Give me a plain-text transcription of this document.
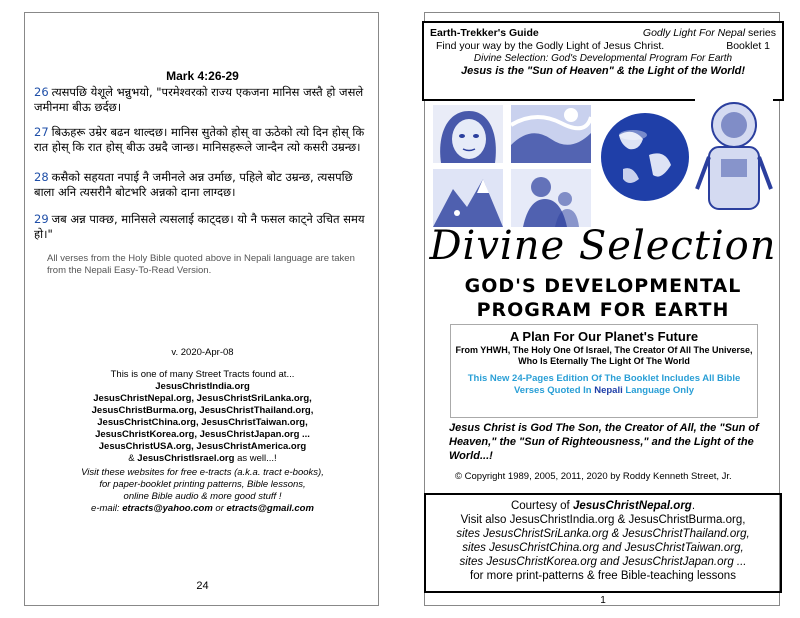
Mark 4:26-29
26 त्यसपछि येशूले भन्नुभयो, "परमेश्वरको राज्य एकजना मानिस जस्तै हो जसले जमीनमा बीऊ छर्दछ।
27 बिऊहरू उम्रेर बढन थाल्दछ। मानिस सुतेको होस् वा ऊठेको त्यो दिन होस् कि रात होस् कि रात होस् बीऊ उम्रदै जान्छ। मानिसहरूले जान्दैन त्यो कसरी उम्रन्छ।
28 कसैको सहयता नपाई नै जमीनले अन्न उर्माछ, पहिले बोट उम्रन्छ, त्यसपछि बाला अनि त्यसरीनै बोटभरि अन्नको दाना लाग्दछ।
29 जब अन्न पाक्छ, मानिसले त्यसलाई काट्दछ। यो नै फसल काट्ने उचित समय हो।"
All verses from the Holy Bible quoted above in Nepali language are taken from the Nepali Easy-To-Read Version.
v. 2020-Apr-08
This is one of many Street Tracts found at...
JesusChristIndia.org
JesusChristNepal.org, JesusChristSriLanka.org,
JesusChristBurma.org, JesusChristThailand.org,
JesusChristChina.org, JesusChristTaiwan.org,
JesusChristKorea.org, JesusChristJapan.org ...
JesusChristUSA.org, JesusChristAmerica.org
& JesusChristIsrael.org as well...!
Visit these websites for free e-tracts (a.k.a. tract e-books),
for paper-booklet printing patterns, Bible lessons,
online Bible audio & more good stuff !
e-mail: etracts@yahoo.com or etracts@gmail.com
24
Earth-Trekker's Guide	Godly Light For Nepal series
Find your way by the Godly Light of Jesus Christ.	Booklet 1
Divine Selection: God's Developmental Program For Earth
Jesus is the "Sun of Heaven" & the Light of the World!
Divine Selection
GOD'S DEVELOPMENTAL
PROGRAM FOR EARTH
A Plan For Our Planet's Future
From YHWH, The Holy One Of Israel, The Creator Of All The Universe, Who Is Eternally The Light Of The World
This New 24-Pages Edition Of The Booklet Includes All Bible Verses Quoted In Nepali Language Only
Jesus Christ is God The Son, the Creator of All, the "Sun of Heaven," the "Sun of Righteousness," and the Light of the World...!
© Copyright 1989, 2005, 2011, 2020 by Roddy Kenneth Street, Jr.
Courtesy of JesusChristNepal.org.
Visit also JesusChristIndia.org & JesusChristBurma.org,
sites JesusChristSriLanka.org & JesusChristThailand.org,
sites JesusChristChina.org and JesusChristTaiwan.org,
sites JesusChristKorea.org and JesusChristJapan.org ...
for more print-patterns & free Bible-teaching lessons
1
